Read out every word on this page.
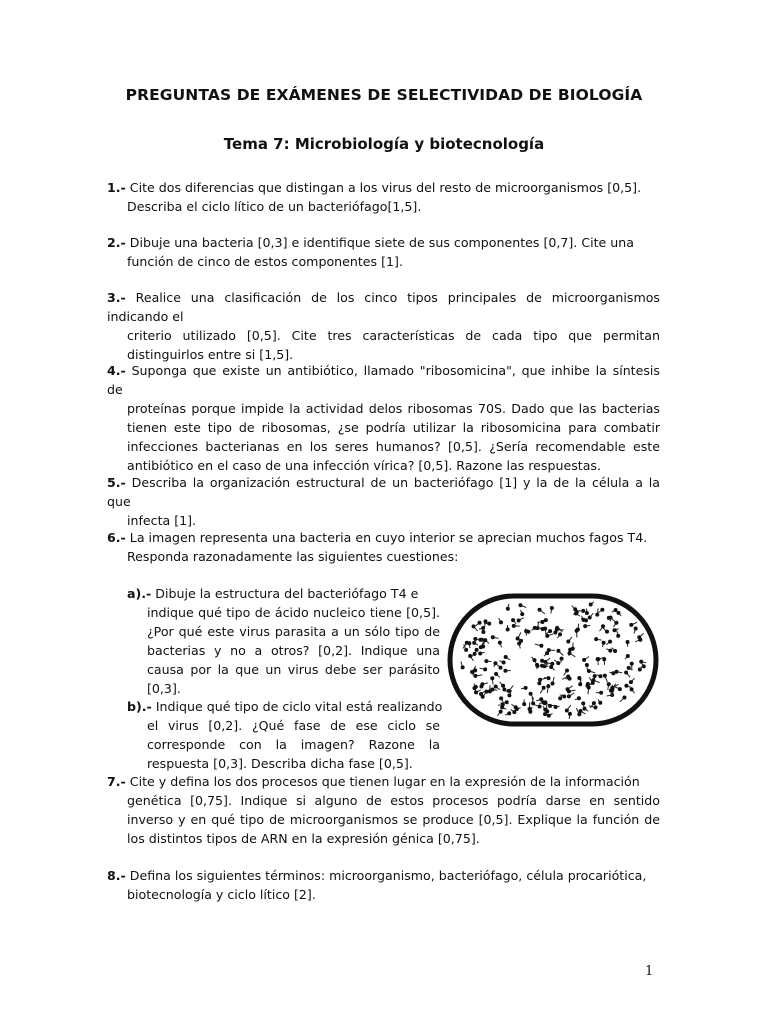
PREGUNTAS DE EXÁMENES DE SELECTIVIDAD DE BIOLOGÍA
Tema 7: Microbiología y biotecnología
1.- Cite dos diferencias que distingan a los virus del resto de microorganismos [0,5].
Describa el ciclo lítico de un bacteriófago[1,5].
2.- Dibuje una bacteria [0,3] e identifique siete de sus componentes [0,7]. Cite una
función de cinco de estos componentes [1].
3.- Realice una clasificación de los cinco tipos principales de microorganismos indicando el
criterio utilizado [0,5]. Cite tres características de cada tipo que permitan distinguirlos entre si [1,5].
4.- Suponga que existe un antibiótico, llamado "ribosomicina", que inhibe la síntesis de
proteínas porque impide la actividad delos ribosomas 70S. Dado que las bacterias tienen este tipo de ribosomas, ¿se podría utilizar la ribosomicina para combatir infecciones bacterianas en los seres humanos? [0,5]. ¿Sería recomendable este antibiótico en el caso de una infección vírica? [0,5]. Razone las respuestas.
5.- Describa la organización estructural de un bacteriófago [1] y la de la célula a la que
infecta [1].
6.- La imagen representa una bacteria en cuyo interior se aprecian muchos fagos T4.
Responda razonadamente las siguientes cuestiones:
a).- Dibuje la estructura del bacteriófago T4 e
indique qué tipo de ácido nucleico tiene [0,5]. ¿Por qué este virus parasita a un sólo tipo de bacterias y no a otros? [0,2]. Indique una causa por la que un virus debe ser parásito [0,3].
b).- Indique qué tipo de ciclo vital está realizando
el virus [0,2]. ¿Qué fase de ese ciclo se corresponde con la imagen? Razone la respuesta [0,3]. Describa dicha fase [0,5].
7.- Cite y defina los dos procesos que tienen lugar en la expresión de la información
genética [0,75]. Indique si alguno de estos procesos podría darse en sentido inverso y en qué tipo de microorganismos se produce [0,5]. Explique la función de los distintos tipos de ARN en la expresión génica [0,75].
8.- Defina los siguientes términos: microorganismo, bacteriófago, célula procariótica,
biotecnología y ciclo lítico [2].
1
